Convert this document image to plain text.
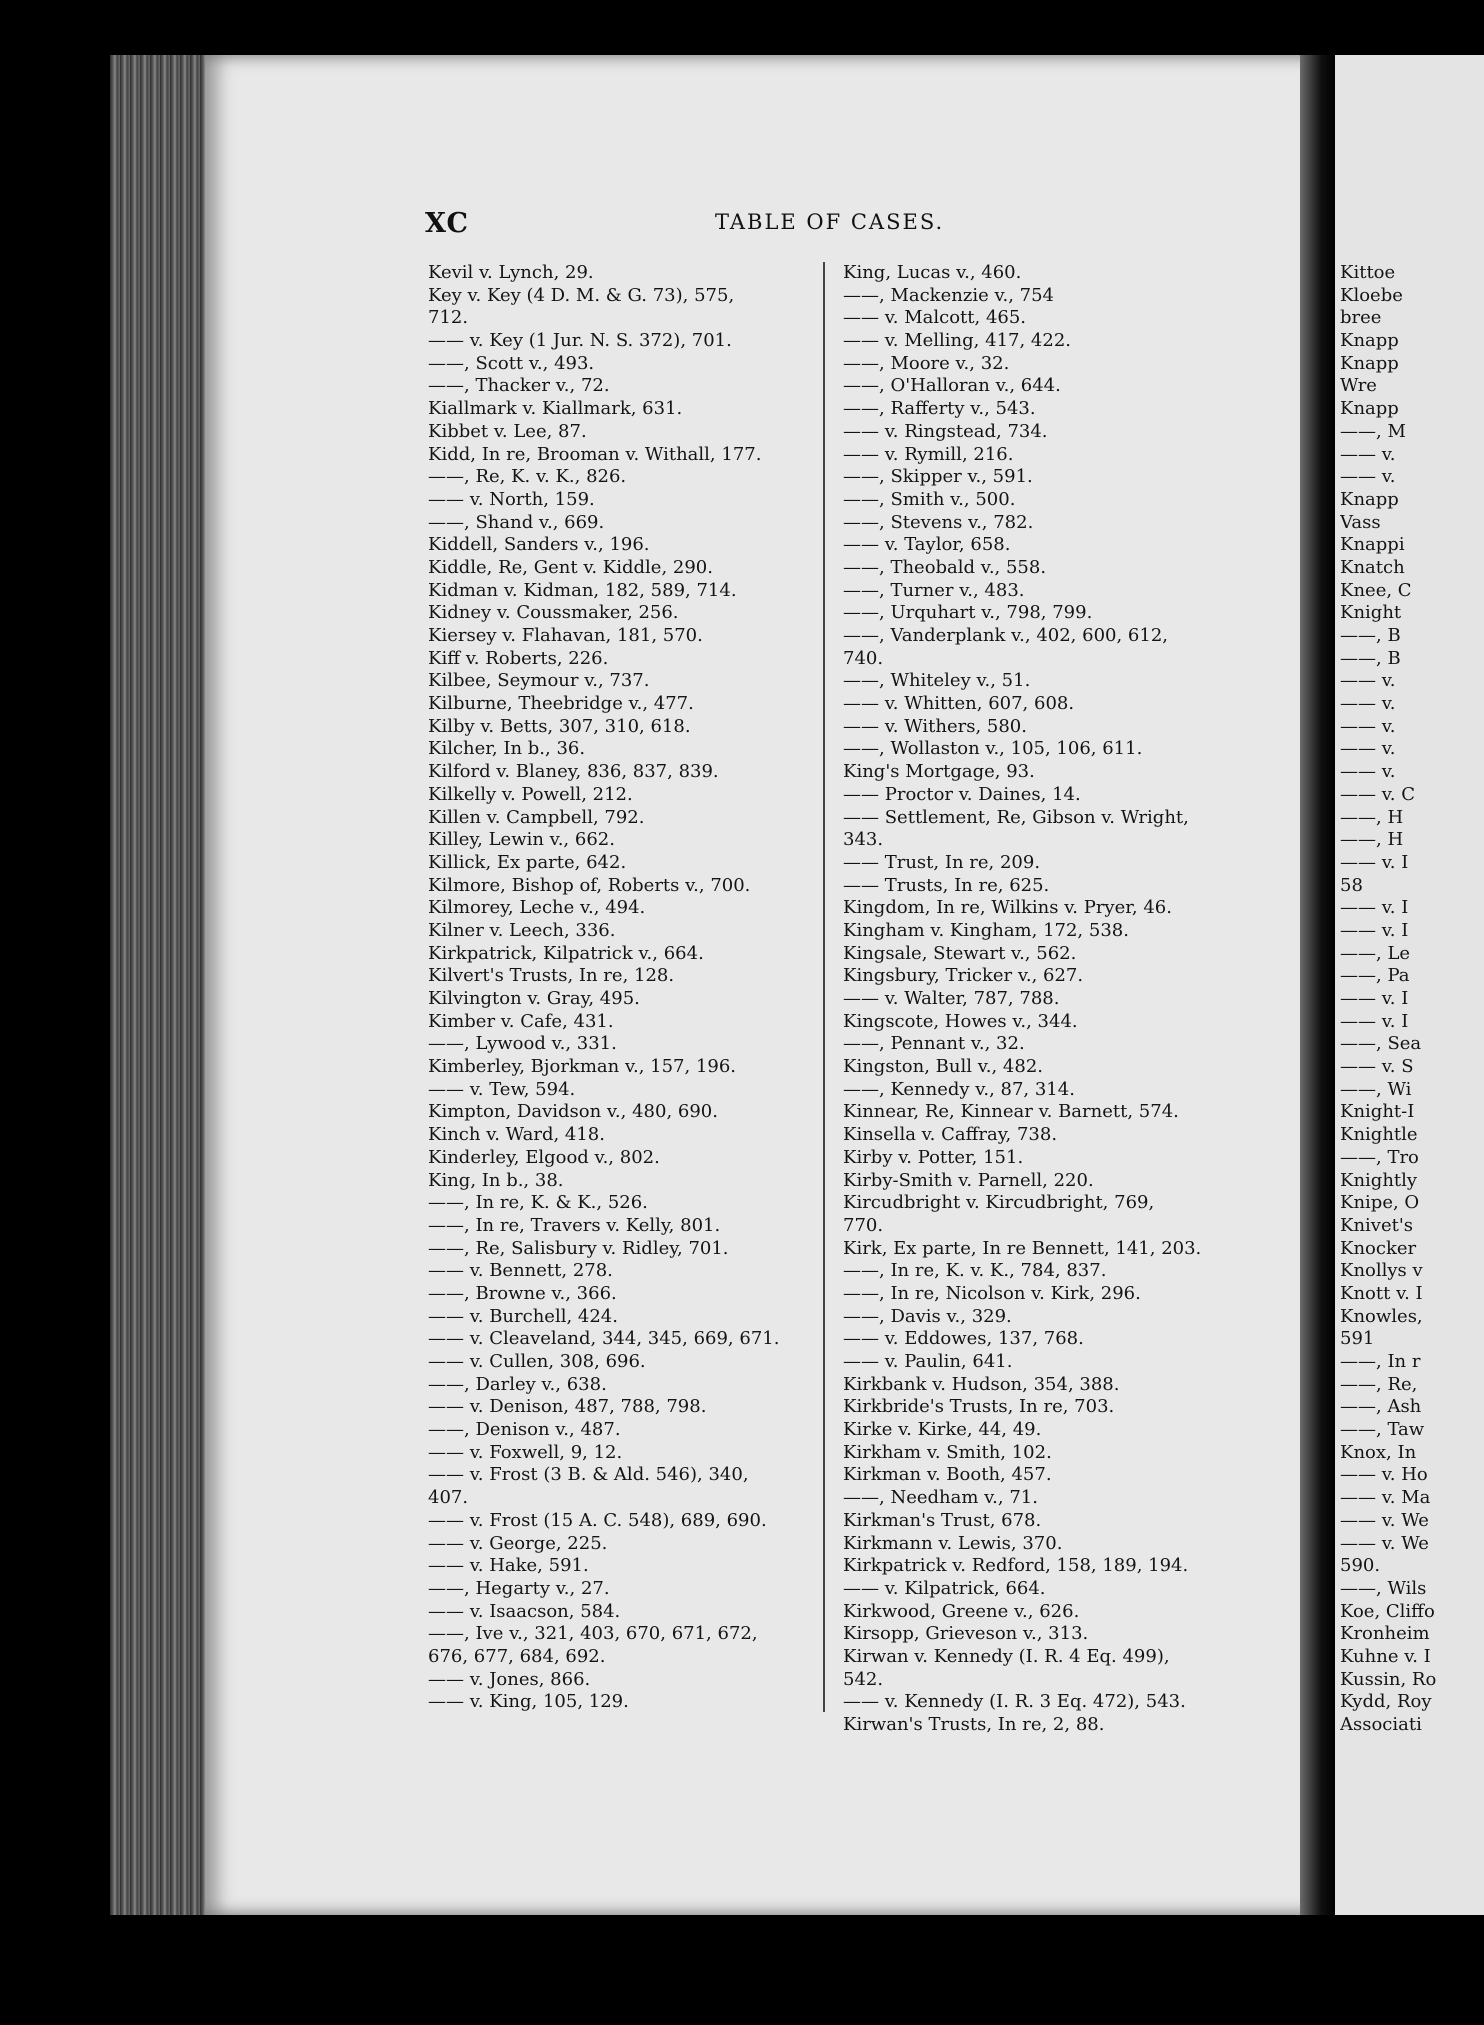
XC	TABLE OF CASES.
Kevil v. Lynch, 29.
Key v. Key (4 D. M. & G. 73), 575,
712.
—— v. Key (1 Jur. N. S. 372), 701.
——, Scott v., 493.
——, Thacker v., 72.
Kiallmark v. Kiallmark, 631.
Kibbet v. Lee, 87.
Kidd, In re, Brooman v. Withall, 177.
——, Re, K. v. K., 826.
—— v. North, 159.
——, Shand v., 669.
Kiddell, Sanders v., 196.
Kiddle, Re, Gent v. Kiddle, 290.
Kidman v. Kidman, 182, 589, 714.
Kidney v. Coussmaker, 256.
Kiersey v. Flahavan, 181, 570.
Kiff v. Roberts, 226.
Kilbee, Seymour v., 737.
Kilburne, Theebridge v., 477.
Kilby v. Betts, 307, 310, 618.
Kilcher, In b., 36.
Kilford v. Blaney, 836, 837, 839.
Kilkelly v. Powell, 212.
Killen v. Campbell, 792.
Killey, Lewin v., 662.
Killick, Ex parte, 642.
Kilmore, Bishop of, Roberts v., 700.
Kilmorey, Leche v., 494.
Kilner v. Leech, 336.
Kirkpatrick, Kilpatrick v., 664.
Kilvert's Trusts, In re, 128.
Kilvington v. Gray, 495.
Kimber v. Cafe, 431.
——, Lywood v., 331.
Kimberley, Bjorkman v., 157, 196.
—— v. Tew, 594.
Kimpton, Davidson v., 480, 690.
Kinch v. Ward, 418.
Kinderley, Elgood v., 802.
King, In b., 38.
——, In re, K. & K., 526.
——, In re, Travers v. Kelly, 801.
——, Re, Salisbury v. Ridley, 701.
—— v. Bennett, 278.
——, Browne v., 366.
—— v. Burchell, 424.
—— v. Cleaveland, 344, 345, 669, 671.
—— v. Cullen, 308, 696.
——, Darley v., 638.
—— v. Denison, 487, 788, 798.
——, Denison v., 487.
—— v. Foxwell, 9, 12.
—— v. Frost (3 B. & Ald. 546), 340,
407.
—— v. Frost (15 A. C. 548), 689, 690.
—— v. George, 225.
—— v. Hake, 591.
——, Hegarty v., 27.
—— v. Isaacson, 584.
——, Ive v., 321, 403, 670, 671, 672,
676, 677, 684, 692.
—— v. Jones, 866.
—— v. King, 105, 129.
King, Lucas v., 460.
——, Mackenzie v., 754
—— v. Malcott, 465.
—— v. Melling, 417, 422.
——, Moore v., 32.
——, O'Halloran v., 644.
——, Rafferty v., 543.
—— v. Ringstead, 734.
—— v. Rymill, 216.
——, Skipper v., 591.
——, Smith v., 500.
——, Stevens v., 782.
—— v. Taylor, 658.
——, Theobald v., 558.
——, Turner v., 483.
——, Urquhart v., 798, 799.
——, Vanderplank v., 402, 600, 612,
740.
——, Whiteley v., 51.
—— v. Whitten, 607, 608.
—— v. Withers, 580.
——, Wollaston v., 105, 106, 611.
King's Mortgage, 93.
—— Proctor v. Daines, 14.
—— Settlement, Re, Gibson v. Wright,
343.
—— Trust, In re, 209.
—— Trusts, In re, 625.
Kingdom, In re, Wilkins v. Pryer, 46.
Kingham v. Kingham, 172, 538.
Kingsale, Stewart v., 562.
Kingsbury, Tricker v., 627.
—— v. Walter, 787, 788.
Kingscote, Howes v., 344.
——, Pennant v., 32.
Kingston, Bull v., 482.
——, Kennedy v., 87, 314.
Kinnear, Re, Kinnear v. Barnett, 574.
Kinsella v. Caffray, 738.
Kirby v. Potter, 151.
Kirby-Smith v. Parnell, 220.
Kircudbright v. Kircudbright, 769,
770.
Kirk, Ex parte, In re Bennett, 141, 203.
——, In re, K. v. K., 784, 837.
——, In re, Nicolson v. Kirk, 296.
——, Davis v., 329.
—— v. Eddowes, 137, 768.
—— v. Paulin, 641.
Kirkbank v. Hudson, 354, 388.
Kirkbride's Trusts, In re, 703.
Kirke v. Kirke, 44, 49.
Kirkham v. Smith, 102.
Kirkman v. Booth, 457.
——, Needham v., 71.
Kirkman's Trust, 678.
Kirkmann v. Lewis, 370.
Kirkpatrick v. Redford, 158, 189, 194.
—— v. Kilpatrick, 664.
Kirkwood, Greene v., 626.
Kirsopp, Grieveson v., 313.
Kirwan v. Kennedy (I. R. 4 Eq. 499),
542.
—— v. Kennedy (I. R. 3 Eq. 472), 543.
Kirwan's Trusts, In re, 2, 88.
Kittoe
Kloebe
bree
Knapp
Knapp
Wre
Knapp
——, M
—— v.
—— v.
Knapp
Vass
Knappi
Knatch
Knee, C
Knight
——, B
——, B
—— v.
—— v.
—— v.
—— v.
—— v.
—— v. C
——, H
——, H
—— v. I
58
—— v. I
—— v. I
——, Le
——, Pa
—— v. I
—— v. I
——, Sea
—— v. S
——, Wi
Knight-I
Knightle
——, Tro
Knightly
Knipe, O
Knivet's
Knocker
Knollys v
Knott v. I
Knowles,
591
——, In r
——, Re,
——, Ash
——, Taw
Knox, In
—— v. Ho
—— v. Ma
—— v. We
—— v. We
590.
——, Wils
Koe, Cliffo
Kronheim
Kuhne v. I
Kussin, Ro
Kydd, Roy
Associati
